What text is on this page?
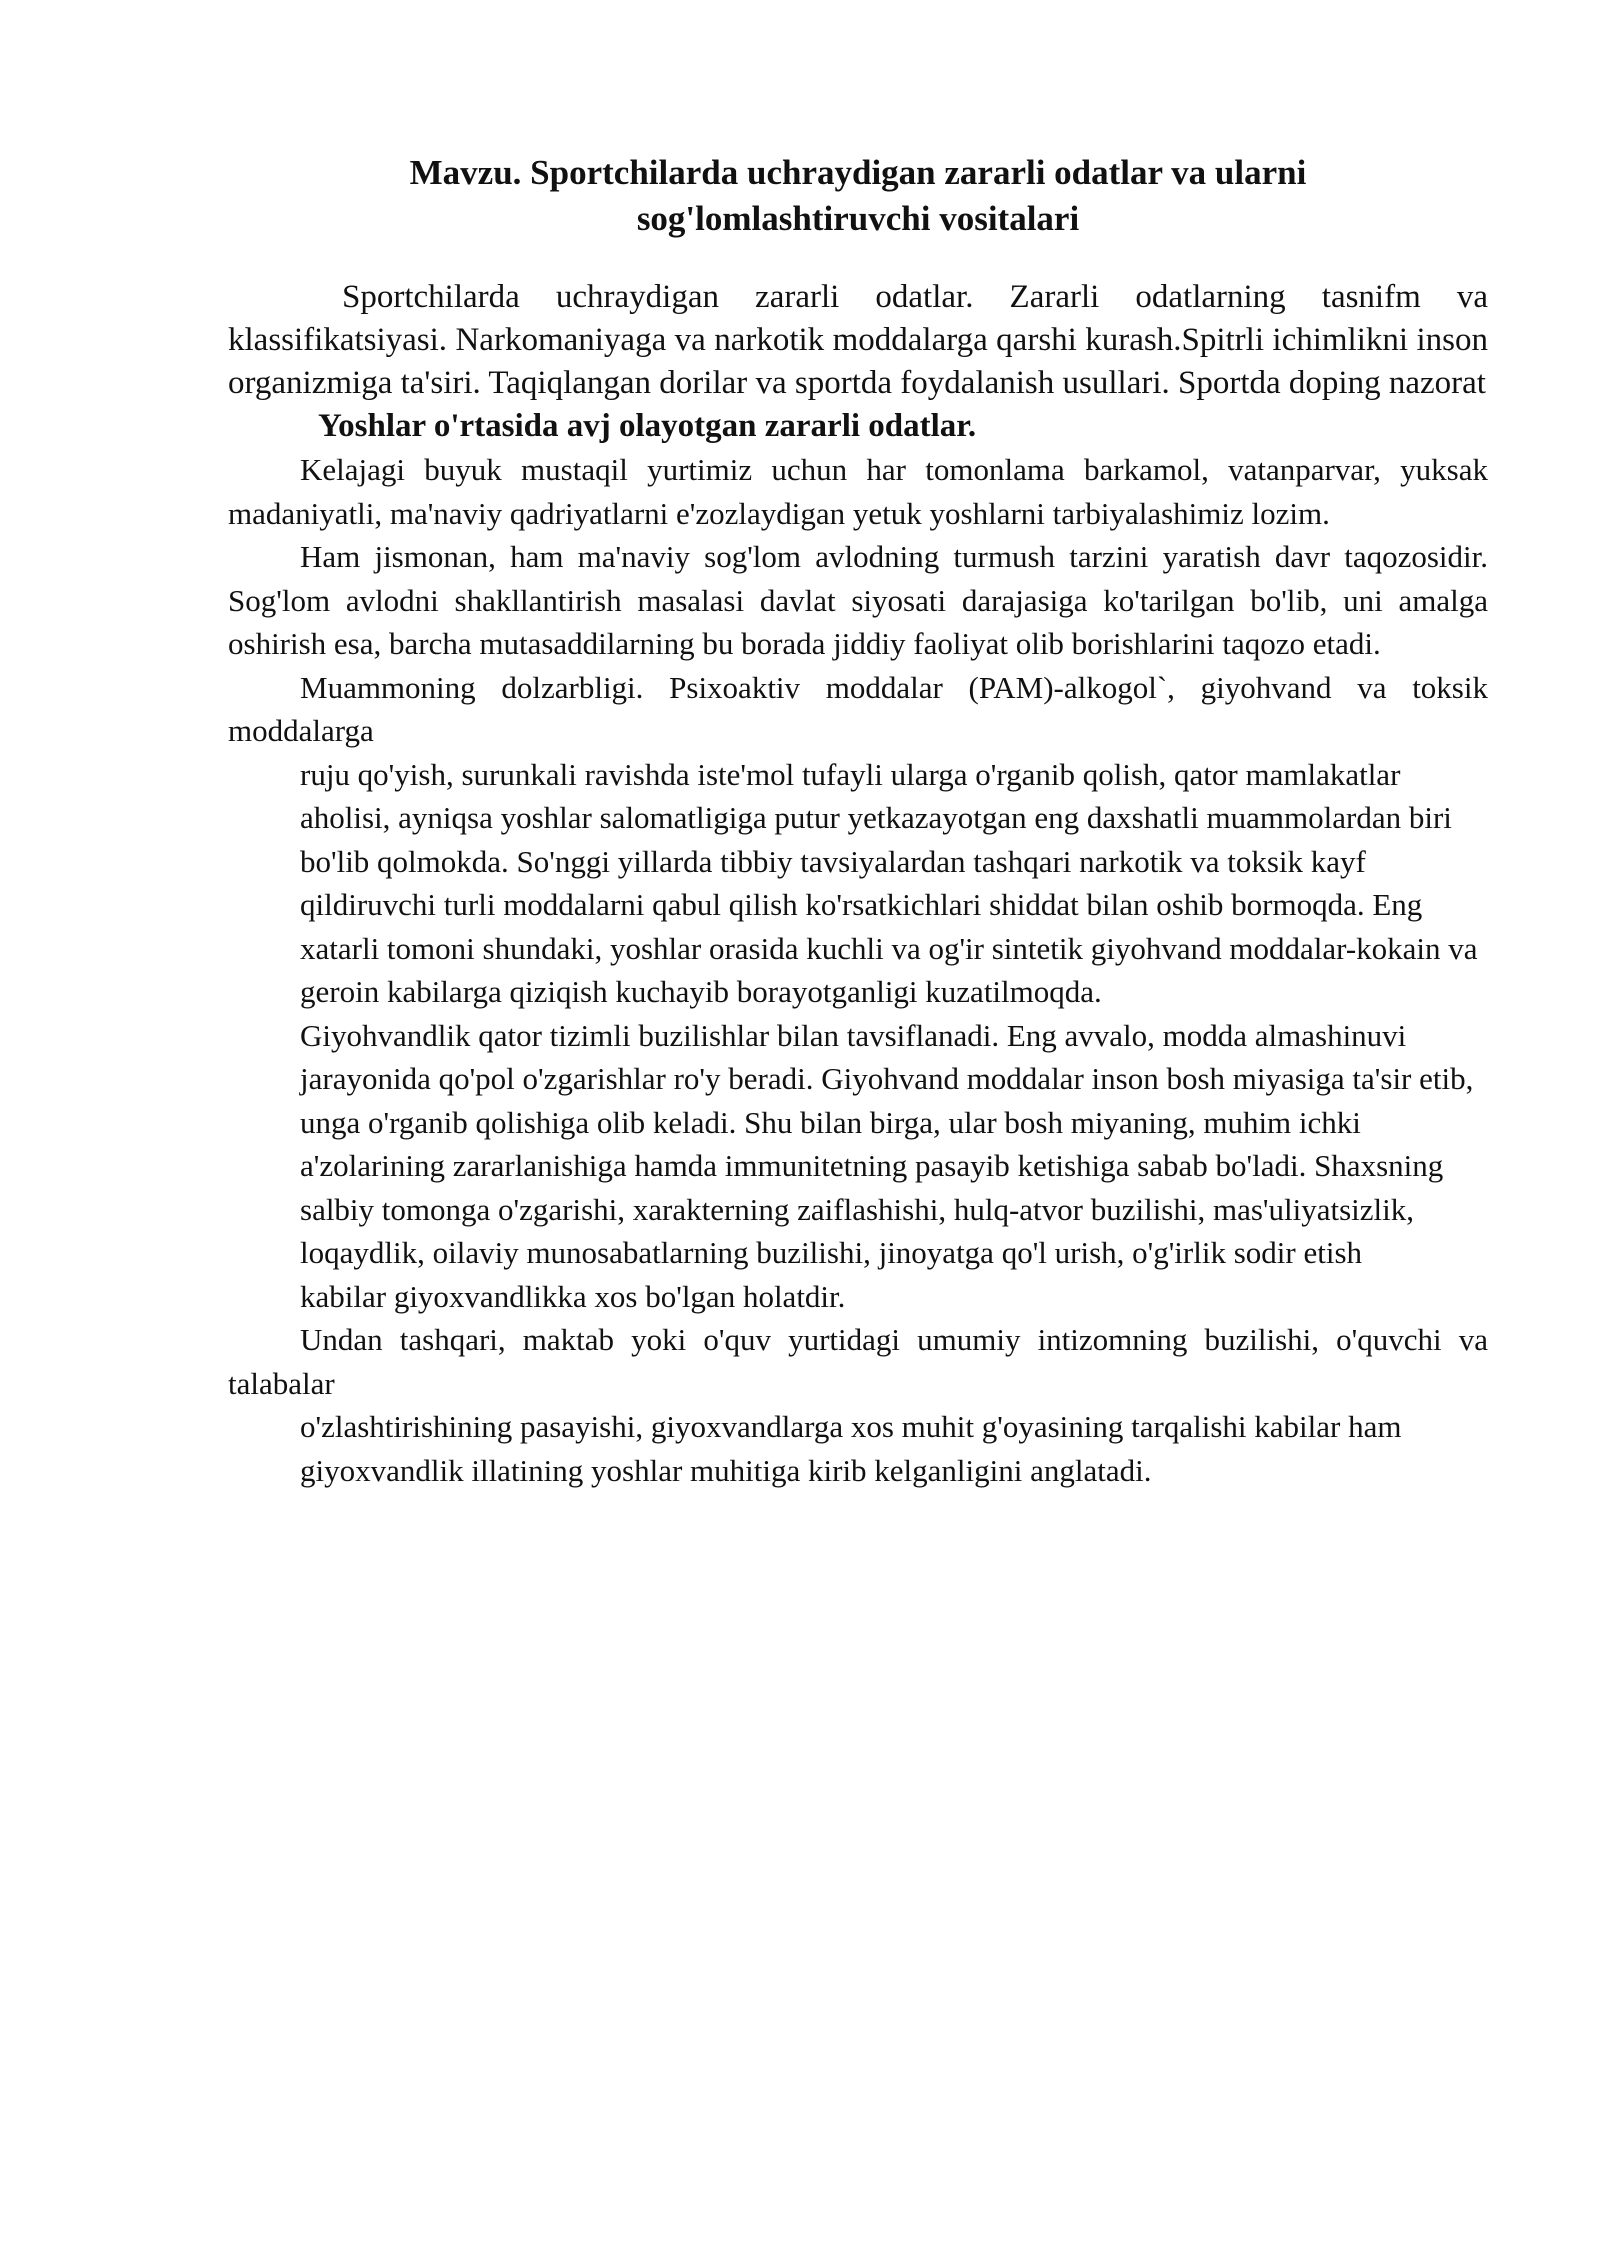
Mavzu. Sportchilarda uchraydigan zararli odatlar va ularni
sog'lomlashtiruvchi vositalari

Sportchilarda uchraydigan zararli odatlar. Zararli odatlarning tasnifm va klassifikatsiyasi. Narkomaniyaga va narkotik moddalarga qarshi kurash.Spitrli ichimlikni inson organizmiga ta'siri. Taqiqlangan dorilar va sportda foydalanish usullari. Sportda doping nazorat

Yoshlar o'rtasida avj olayotgan zararli odatlar.

Kelajagi buyuk mustaqil yurtimiz uchun har tomonlama barkamol, vatanparvar, yuksak madaniyatli, ma'naviy qadriyatlarni e'zozlaydigan yetuk yoshlarni tarbiyalashimiz lozim.

Ham jismonan, ham ma'naviy sog'lom avlodning turmush tarzini yaratish davr taqozosidir. Sog'lom avlodni shakllantirish masalasi davlat siyosati darajasiga ko'tarilgan bo'lib, uni amalga oshirish esa, barcha mutasaddilarning bu borada jiddiy faoliyat olib borishlarini taqozo etadi.

Muammoning dolzarbligi. Psixoaktiv moddalar (PAM)-alkogol`, giyohvand va toksik moddalarga

ruju qo'yish, surunkali ravishda iste'mol tufayli ularga o'rganib qolish, qator mamlakatlar

aholisi, ayniqsa yoshlar salomatligiga putur yetkazayotgan eng daxshatli muammolardan biri

bo'lib qolmokda. So'nggi yillarda tibbiy tavsiyalardan tashqari narkotik va toksik kayf

qildiruvchi turli moddalarni qabul qilish ko'rsatkichlari shiddat bilan oshib bormoqda. Eng

xatarli tomoni shundaki, yoshlar orasida kuchli va og'ir sintetik giyohvand moddalar-kokain va

geroin kabilarga qiziqish kuchayib borayotganligi kuzatilmoqda.

Giyohvandlik qator tizimli buzilishlar bilan tavsiflanadi. Eng avvalo, modda almashinuvi

jarayonida qo'pol o'zgarishlar ro'y beradi. Giyohvand moddalar inson bosh miyasiga ta'sir etib,

unga o'rganib qolishiga olib keladi. Shu bilan birga, ular bosh miyaning, muhim ichki

a'zolarining zararlanishiga hamda immunitetning pasayib ketishiga sabab bo'ladi. Shaxsning

salbiy tomonga o'zgarishi, xarakterning zaiflashishi, hulq-atvor buzilishi, mas'uliyatsizlik,

loqaydlik, oilaviy munosabatlarning buzilishi, jinoyatga qo'l urish, o'g'irlik sodir etish

kabilar giyoxvandlikka xos bo'lgan holatdir.

Undan tashqari, maktab yoki o'quv yurtidagi umumiy intizomning buzilishi, o'quvchi va talabalar

o'zlashtirishining pasayishi, giyoxvandlarga xos muhit g'oyasining tarqalishi kabilar ham

giyoxvandlik illatining yoshlar muhitiga kirib kelganligini anglatadi.
